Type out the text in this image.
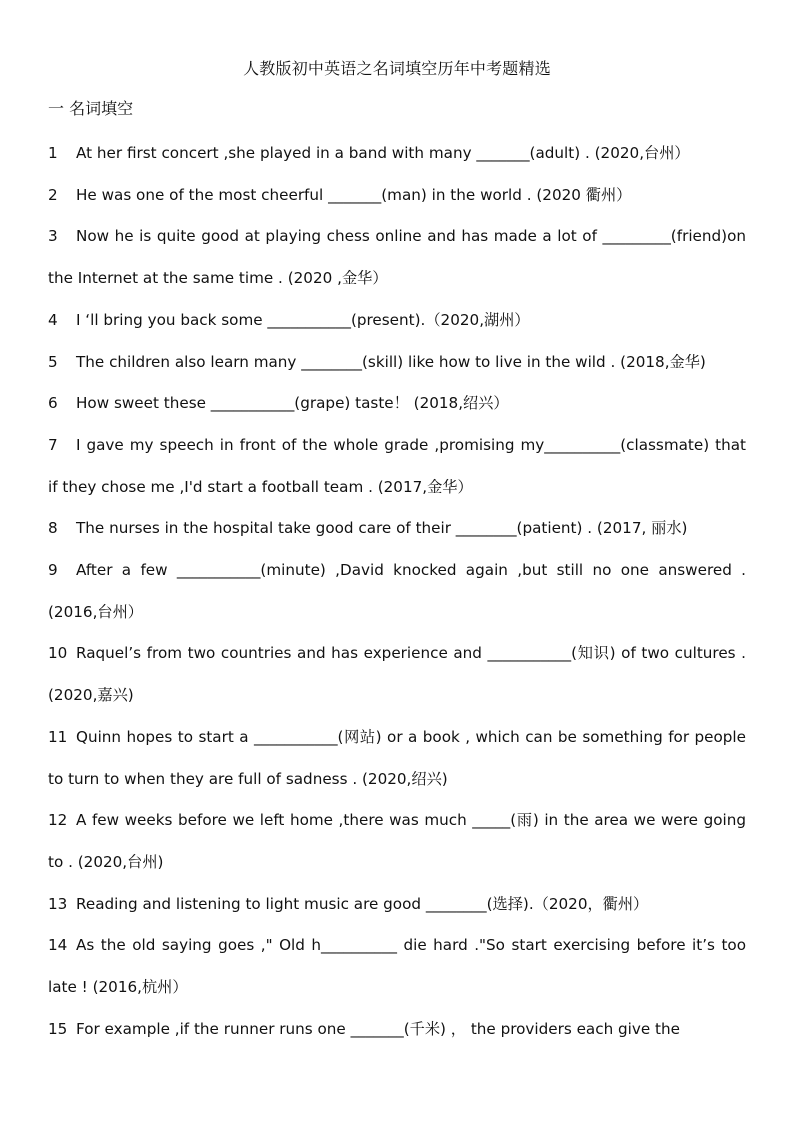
人教版初中英语之名词填空历年中考题精选
一 名词填空

1 At her first concert ,she played in a band with many _______(adult) . (2020,台州）

2 He was one of the most cheerful _______(man) in the world . (2020 衢州）

3 Now he is quite good at playing chess online and has made a lot of _________(friend)on the Internet at the same time . (2020 ,金华）

4 I ‘ll bring you back some ___________(present).（2020,湖州）

5 The children also learn many ________(skill) like how to live in the wild . (2018,金华)

6 How sweet these ___________(grape) taste！ (2018,绍兴）

7 I gave my speech in front of the whole grade ,promising my__________(classmate) that if they chose me ,I'd start a football team . (2017,金华）

8 The nurses in the hospital take good care of their ________(patient) . (2017, 丽水)

9 After a few ___________(minute) ,David knocked again ,but still no one answered . (2016,台州）

10 Raquel’s from two countries and has experience and ___________(知识) of two cultures . (2020,嘉兴)

11 Quinn hopes to start a ___________(网站) or a book , which can be something for people to turn to when they are full of sadness . (2020,绍兴)

12 A few weeks before we left home ,there was much _____(雨) in the area we were going to . (2020,台州)

13 Reading and listening to light music are good ________(选择).（2020，衢州）

14 As the old saying goes ," Old h__________ die hard ."So start exercising before it’s too late ! (2016,杭州）

15 For example ,if the runner runs one _______(千米) ， the providers each give the
